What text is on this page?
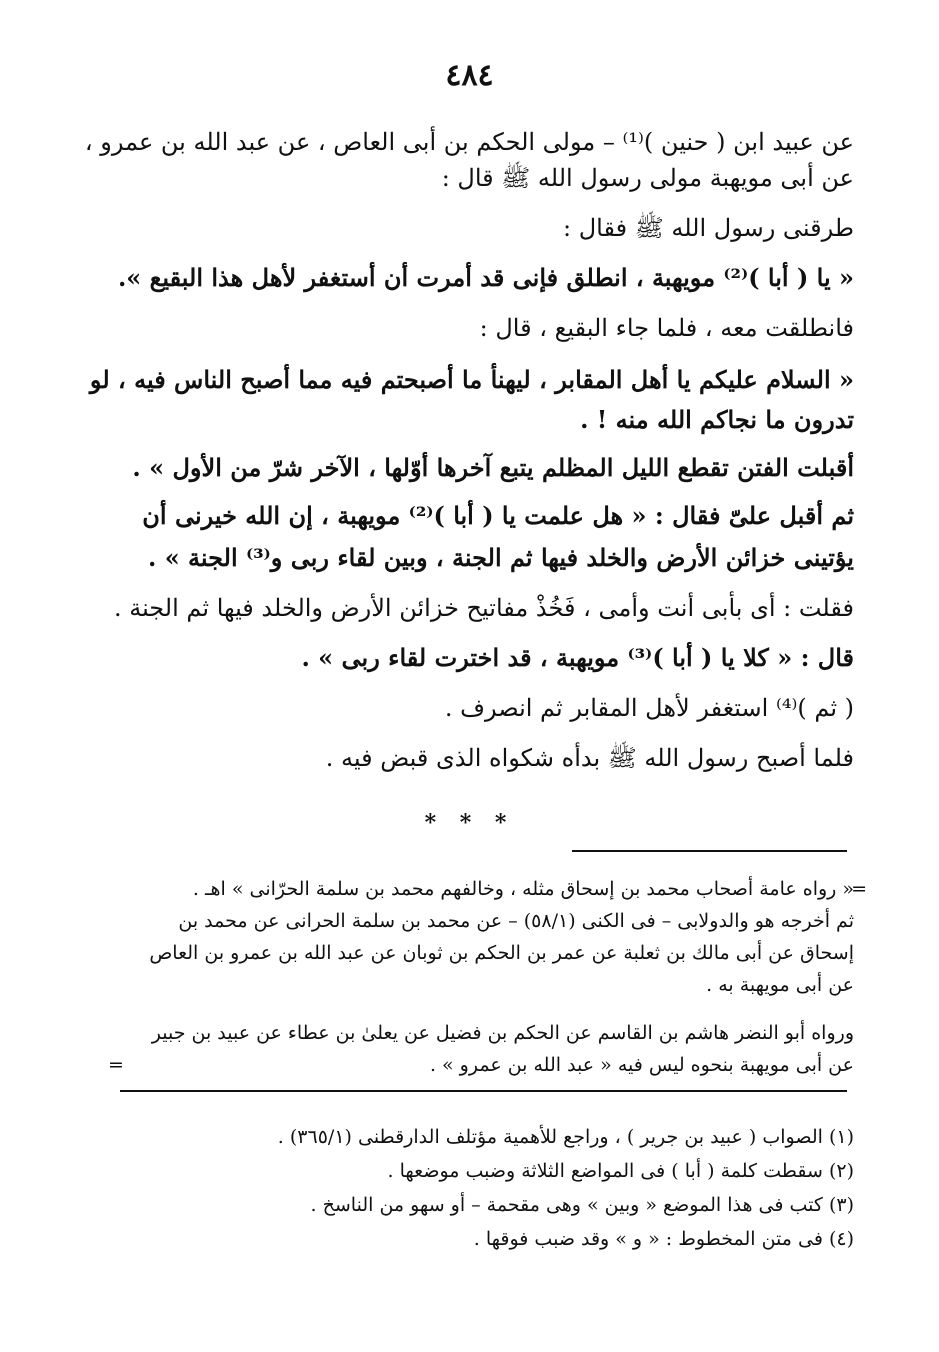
٤٨٤
عن عبيد ابن ( حنين )⁽¹⁾ – مولى الحكم بن أبى العاص ، عن عبد الله بن عمرو ،
عن أبى مويهبة مولى رسول الله ﷺ قال :
طرقنى رسول الله ﷺ فقال :
« يا ( أبا )⁽²⁾ مويهبة ، انطلق فإنى قد أمرت أن أستغفر لأهل هذا البقيع ».
فانطلقت معه ، فلما جاء البقيع ، قال :
« السلام عليكم يا أهل المقابر ، ليهنأ ما أصبحتم فيه مما أصبح الناس فيه ، لو
تدرون ما نجاكم الله منه ! .
أقبلت الفتن تقطع الليل المظلم يتبع آخرها أوّلها ، الآخر شرّ من الأول » .
ثم أقبل علىّ فقال : « هل علمت يا ( أبا )⁽²⁾ مويهبة ، إن الله خيرنى أن
يؤتينى خزائن الأرض والخلد فيها ثم الجنة ، وبين لقاء ربى و⁽³⁾ الجنة » .
فقلت : أى بأبى أنت وأمى ، فَخُذْ مفاتيح خزائن الأرض والخلد فيها ثم الجنة .
قال : « كلا يا ( أبا )⁽³⁾ مويهبة ، قد اخترت لقاء ربى » .
( ثم )⁽⁴⁾ استغفر لأهل المقابر ثم انصرف .
فلما أصبح رسول الله ﷺ بدأه شكواه الذى قبض فيه .
* * *
=
« رواه عامة أصحاب محمد بن إسحاق مثله ، وخالفهم محمد بن سلمة الحرّانى » اهـ .
ثم أخرجه هو والدولابى – فى الكنى (٥٨/١) – عن محمد بن سلمة الحرانى عن محمد بن
إسحاق عن أبى مالك بن ثعلبة عن عمر بن الحكم بن ثوبان عن عبد الله بن عمرو بن العاص
عن أبى مويهبة به .
ورواه أبو النضر هاشم بن القاسم عن الحكم بن فضيل عن يعلىٰ بن عطاء عن عبيد بن جبير
عن أبى مويهبة بنحوه ليس فيه « عبد الله بن عمرو » .
=
(١) الصواب ( عبيد بن جرير ) ، وراجع للأهمية مؤتلف الدارقطنى (٣٦٥/١) .
(٢) سقطت كلمة ( أبا ) فى المواضع الثلاثة وضبب موضعها .
(٣) كتب فى هذا الموضع « وبين » وهى مقحمة – أو سهو من الناسخ .
(٤) فى متن المخطوط : « و » وقد ضبب فوقها .
